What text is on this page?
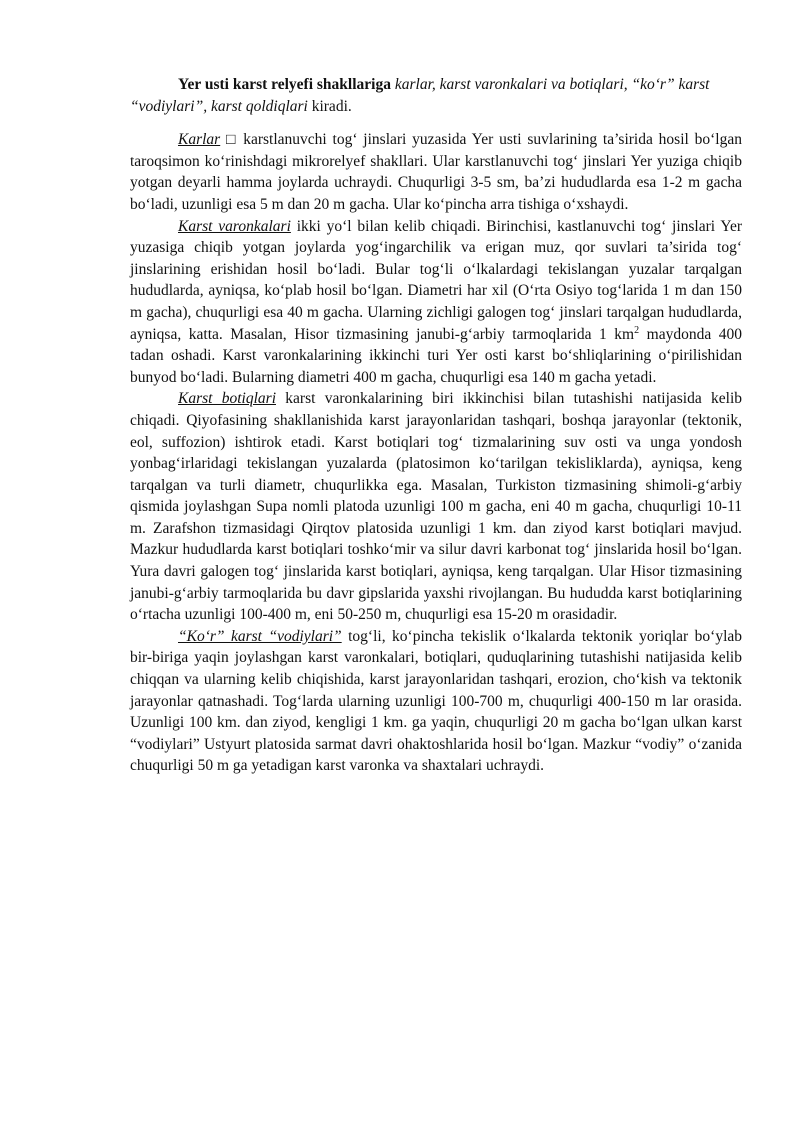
Yer usti karst relyefi shakllariga karlar, karst varonkalari va botiqlari, “ko‘r” karst “vodiylari”, karst qoldiqlari kiradi.

Karlar □ karstlanuvchi tog‘ jinslari yuzasida Yer usti suvlarining ta’sirida hosil bo‘lgan taroqsimon ko‘rinishdagi mikrorelyef shakllari. Ular karstlanuvchi tog‘ jinslari Yer yuziga chiqib yotgan deyarli hamma joylarda uchraydi. Chuqurligi 3-5 sm, ba’zi hududlarda esa 1-2 m gacha bo‘ladi, uzunligi esa 5 m dan 20 m gacha. Ular ko‘pincha arra tishiga o‘xshaydi.

Karst varonkalari ikki yo‘l bilan kelib chiqadi. Birinchisi, kastlanuvchi tog‘ jinslari Yer yuzasiga chiqib yotgan joylarda yog‘ingarchilik va erigan muz, qor suvlari ta’sirida tog‘ jinslarining erishidan hosil bo‘ladi. Bular tog‘li o‘lkalardagi tekislangan yuzalar tarqalgan hududlarda, ayniqsa, ko‘plab hosil bo‘lgan. Diametri har xil (O‘rta Osiyo tog‘larida 1 m dan 150 m gacha), chuqurligi esa 40 m gacha. Ularning zichligi galogen tog‘ jinslari tarqalgan hududlarda, ayniqsa, katta. Masalan, Hisor tizmasining janubi-g‘arbiy tarmoqlarida 1 $km^2$ maydonda 400 tadan oshadi. Karst varonkalarining ikkinchi turi Yer osti karst bo‘shliqlarining o‘pirilishidan bunyod bo‘ladi. Bularning diametri 400 m gacha, chuqurligi esa 140 m gacha yetadi.

Karst botiqlari karst varonkalarining biri ikkinchisi bilan tutashishi natijasida kelib chiqadi. Qiyofasining shakllanishida karst jarayonlaridan tashqari, boshqa jarayonlar (tektonik, eol, suffozion) ishtirok etadi. Karst botiqlari tog‘ tizmalarining suv osti va unga yondosh yonbag‘irlaridagi tekislangan yuzalarda (platosimon ko‘tarilgan tekisliklarda), ayniqsa, keng tarqalgan va turli diametr, chuqurlikka ega. Masalan, Turkiston tizmasining shimoli-g‘arbiy qismida joylashgan Supa nomli platoda uzunligi 100 m gacha, eni 40 m gacha, chuqurligi 10-11 m. Zarafshon tizmasidagi Qirqtov platosida uzunligi 1 km. dan ziyod karst botiqlari mavjud. Mazkur hududlarda karst botiqlari toshko‘mir va silur davri karbonat tog‘ jinslarida hosil bo‘lgan. Yura davri galogen tog‘ jinslarida karst botiqlari, ayniqsa, keng tarqalgan. Ular Hisor tizmasining janubi-g‘arbiy tarmoqlarida bu davr gipslarida yaxshi rivojlangan. Bu hududda karst botiqlarining o‘rtacha uzunligi 100-400 m, eni 50-250 m, chuqurligi esa 15-20 m orasidadir.

“Ko‘r” karst “vodiylari” tog‘li, ko‘pincha tekislik o‘lkalarda tektonik yoriqlar bo‘ylab bir-biriga yaqin joylashgan karst varonkalari, botiqlari, quduqlarining tutashishi natijasida kelib chiqqan va ularning kelib chiqishida, karst jarayonlaridan tashqari, erozion, cho‘kish va tektonik jarayonlar qatnashadi. Tog‘larda ularning uzunligi 100-700 m, chuqurligi 400-150 m lar orasida. Uzunligi 100 km. dan ziyod, kengligi 1 km. ga yaqin, chuqurligi 20 m gacha bo‘lgan ulkan karst “vodiylari” Ustyurt platosida sarmat davri ohaktoshlarida hosil bo‘lgan. Mazkur “vodiy” o‘zanida chuqurligi 50 m ga yetadigan karst varonka va shaxtalari uchraydi.
